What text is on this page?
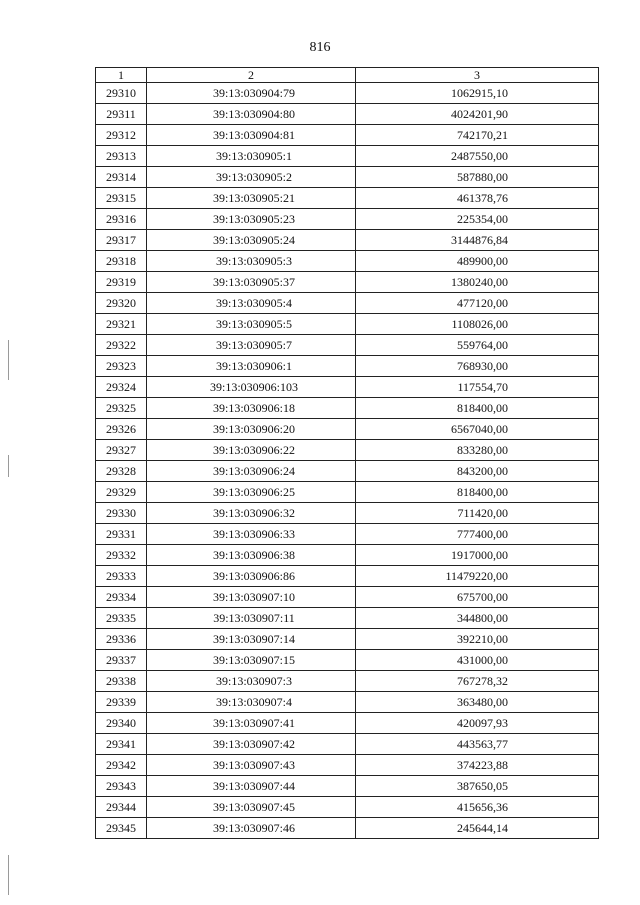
816
1	2	3
29310	39:13:030904:79	1062915,10
29311	39:13:030904:80	4024201,90
29312	39:13:030904:81	742170,21
29313	39:13:030905:1	2487550,00
29314	39:13:030905:2	587880,00
29315	39:13:030905:21	461378,76
29316	39:13:030905:23	225354,00
29317	39:13:030905:24	3144876,84
29318	39:13:030905:3	489900,00
29319	39:13:030905:37	1380240,00
29320	39:13:030905:4	477120,00
29321	39:13:030905:5	1108026,00
29322	39:13:030905:7	559764,00
29323	39:13:030906:1	768930,00
29324	39:13:030906:103	117554,70
29325	39:13:030906:18	818400,00
29326	39:13:030906:20	6567040,00
29327	39:13:030906:22	833280,00
29328	39:13:030906:24	843200,00
29329	39:13:030906:25	818400,00
29330	39:13:030906:32	711420,00
29331	39:13:030906:33	777400,00
29332	39:13:030906:38	1917000,00
29333	39:13:030906:86	11479220,00
29334	39:13:030907:10	675700,00
29335	39:13:030907:11	344800,00
29336	39:13:030907:14	392210,00
29337	39:13:030907:15	431000,00
29338	39:13:030907:3	767278,32
29339	39:13:030907:4	363480,00
29340	39:13:030907:41	420097,93
29341	39:13:030907:42	443563,77
29342	39:13:030907:43	374223,88
29343	39:13:030907:44	387650,05
29344	39:13:030907:45	415656,36
29345	39:13:030907:46	245644,14
